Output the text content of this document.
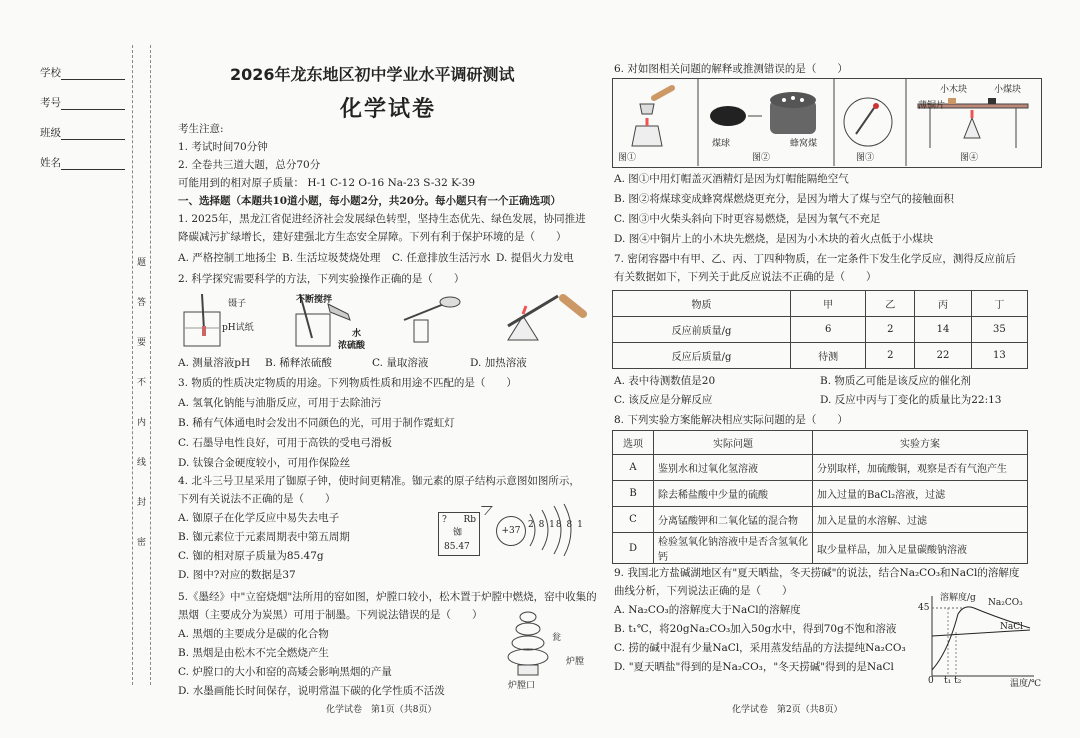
学校
考号
班级
姓名
题
答
要
不
内
线
封
密
2026年龙东地区初中学业水平调研测试
化学试卷
考生注意:
1. 考试时间70分钟
2. 全卷共三道大题，总分70分
可能用到的相对原子质量： H-1 C-12 O-16 Na-23 S-32 K-39
一、选择题（本题共10道小题，每小题2分，共20分。每小题只有一个正确选项）
1. 2025年，黑龙江省促进经济社会发展绿色转型，坚持生态优先、绿色发展，协同推进
降碳减污扩绿增长，建好建强北方生态安全屏障。下列有利于保护环境的是（　　）
A. 严格控制工地扬尘 B. 生活垃圾焚烧处理 C. 任意排放生活污水 D. 提倡火力发电
2. 科学探究需要科学的方法，下列实验操作正确的是（　　）
镊子
pH试纸
不断搅拌
水
浓硫酸
A. 测量溶液pH B. 稀释浓硫酸	C. 量取溶液	D. 加热溶液
3. 物质的性质决定物质的用途。下列物质性质和用途不匹配的是（　　）
A. 氢氧化钠能与油脂反应，可用于去除油污
B. 稀有气体通电时会发出不同颜色的光，可用于制作霓虹灯
C. 石墨导电性良好，可用于高铁的受电弓滑板
D. 钛镍合金硬度较小，可用作保险丝
4. 北斗三号卫星采用了铷原子钟，使时间更精准。铷元素的原子结构示意图如图所示，
下列有关说法不正确的是（　　）
A. 铷原子在化学反应中易失去电子
B. 铷元素位于元素周期表中第五周期
C. 铷的相对原子质量为85.47g
D. 图中?对应的数据是37
? Rb
铷
85.47
+37
2 8 18 8 1
5.《墨经》中"立窑烧烟"法所用的窑如图，炉膛口较小，松木置于炉膛中燃烧，窑中收集的
黑烟（主要成分为炭黑）可用于制墨。下列说法错误的是（　　）
A. 黑烟的主要成分是碳的化合物
B. 黑烟是由松木不完全燃烧产生
C. 炉膛口的大小和窑的高矮会影响黑烟的产量
D. 水墨画能长时间保存，说明常温下碳的化学性质不活泼
瓮
炉膛
炉膛口
化学试卷　第1页（共8页）
6. 对如图相关问题的解释或推测错误的是（　　）
图①
煤球
图②
蜂窝煤
图③
小木块	小煤块
薄铜片
图④
A. 图①中用灯帽盖灭酒精灯是因为灯帽能隔绝空气
B. 图②将煤球变成蜂窝煤燃烧更充分，是因为增大了煤与空气的接触面积
C. 图③中火柴头斜向下时更容易燃烧，是因为氧气不充足
D. 图④中铜片上的小木块先燃烧，是因为小木块的着火点低于小煤块
7. 密闭容器中有甲、乙、丙、丁四种物质，在一定条件下发生化学反应，测得反应前后
有关数据如下，下列关于此反应说法不正确的是（　　）
物质	甲	乙	丙	丁
反应前质量/g	6	2	14	35
反应后质量/g	待测	2	22	13
A. 表中待测数值是20	B. 物质乙可能是该反应的催化剂
C. 该反应是分解反应	D. 反应中丙与丁变化的质量比为22:13
8. 下列实验方案能解决相应实际问题的是（　　）
选项	实际问题	实验方案
A	鉴别水和过氧化氢溶液	分别取样，加硫酸铜，观察是否有气泡产生
B	除去稀盐酸中少量的硫酸	加入过量的BaCl₂溶液，过滤
C	分离锰酸钾和二氧化锰的混合物	加入足量的水溶解、过滤
D	检验氢氧化钠溶液中是否含氢氧化钙	取少量样品，加入足量碳酸钠溶液
9. 我国北方盐碱湖地区有"夏天晒盐，冬天捞碱"的说法，结合Na₂CO₃和NaCl的溶解度
曲线分析，下列说法正确的是（　　）
A. Na₂CO₃的溶解度大于NaCl的溶解度
B. t₁℃，将20gNa₂CO₃加入50g水中，得到70g不饱和溶液
C. 捞的碱中混有少量NaCl，采用蒸发结晶的方法提纯Na₂CO₃
D. "夏天晒盐"得到的是Na₂CO₃，"冬天捞碱"得到的是NaCl
溶解度/g
45	Na₂CO₃
NaCl
0 t₁ t₂	温度/℃
化学试卷　第2页（共8页）
